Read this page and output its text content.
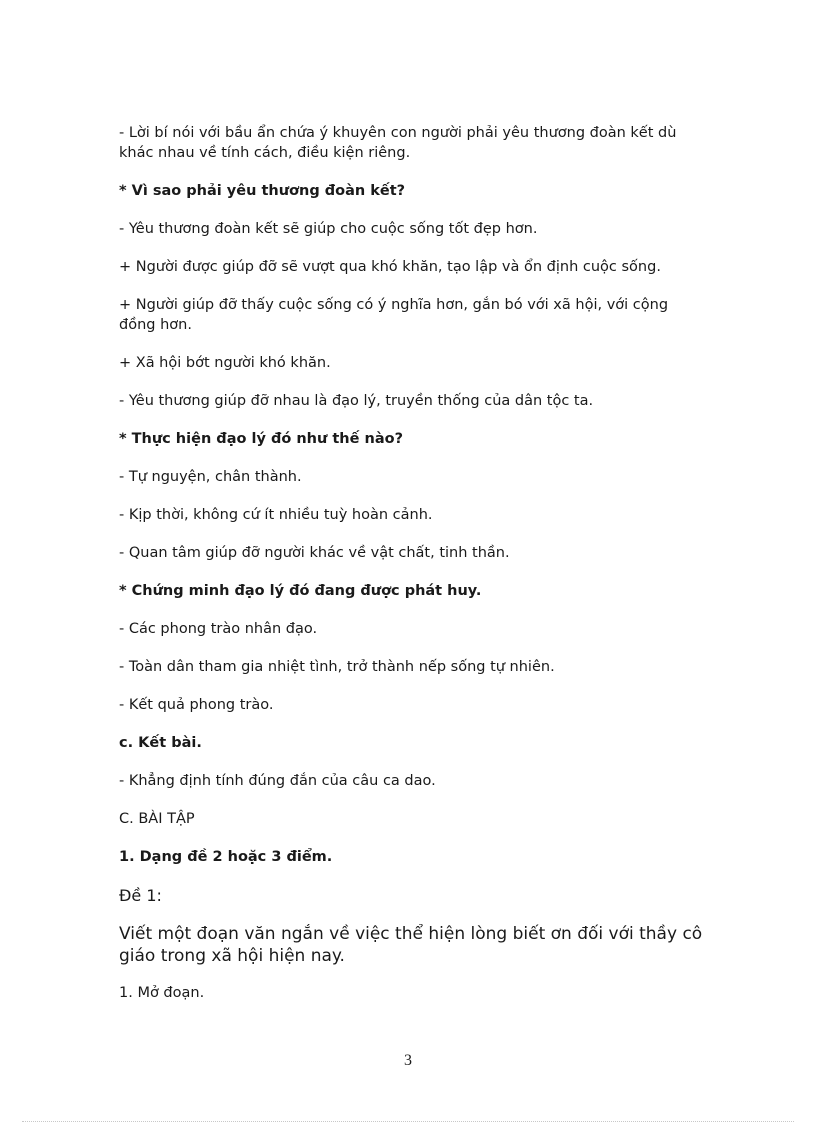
- Lời bí nói với bầu ẩn chứa ý khuyên con người phải yêu thương đoàn kết dù khác nhau về tính cách, điều kiện riêng.

* Vì sao phải yêu thương đoàn kết?

- Yêu thương đoàn kết sẽ giúp cho cuộc sống tốt đẹp hơn.

+ Người được giúp đỡ sẽ vượt qua khó khăn, tạo lập và ổn định cuộc sống.

+ Người giúp đỡ thấy cuộc sống có ý nghĩa hơn, gắn bó với xã hội, với cộng đồng hơn.

+ Xã hội bớt người khó khăn.

- Yêu thương giúp đỡ nhau là đạo lý, truyền thống của dân tộc ta.

* Thực hiện đạo lý đó như thế nào?

- Tự nguyện, chân thành.

- Kịp thời, không cứ ít nhiều tuỳ hoàn cảnh.

- Quan tâm giúp đỡ người khác về vật chất, tinh thần.

* Chứng minh đạo lý đó đang được phát huy.

- Các phong trào nhân đạo.

- Toàn dân tham gia nhiệt tình, trở thành nếp sống tự nhiên.

- Kết quả phong trào.

c. Kết bài.

- Khẳng định tính đúng đắn của câu ca dao.

C. BÀI TẬP

1. Dạng đề 2 hoặc 3 điểm.

Đề 1:

Viết một đoạn văn ngắn về việc thể hiện lòng biết ơn đối với thầy cô giáo trong xã hội hiện nay.

1. Mở đoạn.

3
